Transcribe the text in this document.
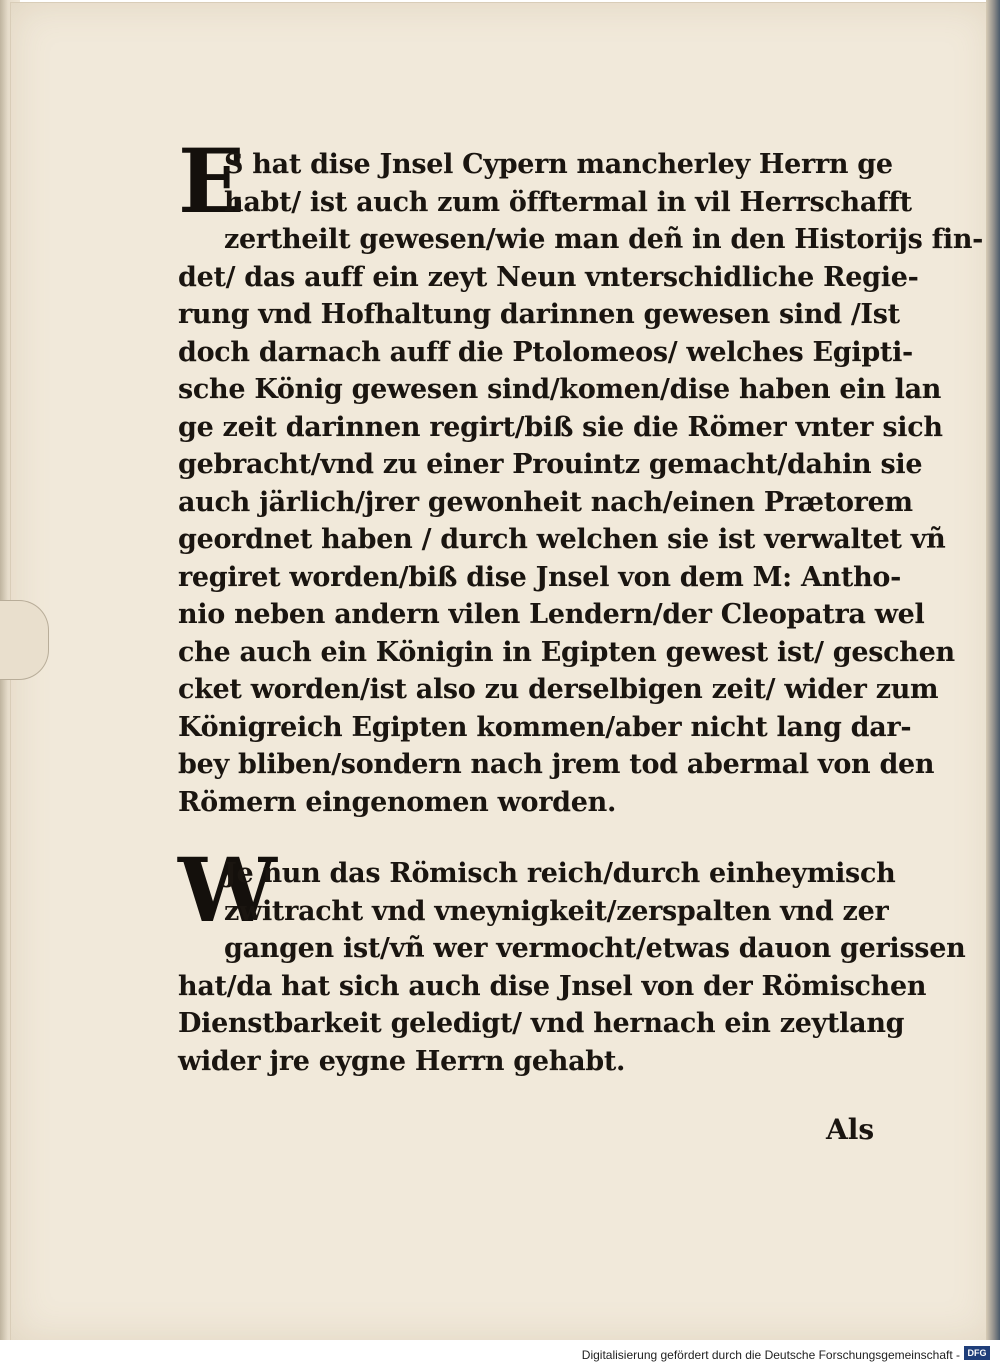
E
S hat dise Jnsel Cypern mancherley Herrn ge
habt/ ist auch zum öfftermal in vil Herrschafft
zertheilt gewesen/wie man deñ in den Historijs fin-
det/ das auff ein zeyt Neun vnterschidliche Regie-
rung vnd Hofhaltung darinnen gewesen sind /Ist
doch darnach auff die Ptolomeos/ welches Egipti-
sche König gewesen sind/komen/dise haben ein lan
ge zeit darinnen regirt/biß sie die Römer vnter sich
gebracht/vnd zu einer Prouintz gemacht/dahin sie
auch järlich/jrer gewonheit nach/einen Prætorem
geordnet haben / durch welchen sie ist verwaltet vñ
regiret worden/biß dise Jnsel von dem M: Antho-
nio neben andern vilen Lendern/der Cleopatra wel
che auch ein Königin in Egipten gewest ist/ geschen
cket worden/ist also zu derselbigen zeit/ wider zum
Königreich Egipten kommen/aber nicht lang dar-
bey bliben/sondern nach jrem tod abermal von den
Römern eingenomen worden.
W
Je nun das Römisch reich/durch einheymisch
zwitracht vnd vneynigkeit/zerspalten vnd zer
gangen ist/vñ wer vermocht/etwas dauon gerissen
hat/da hat sich auch dise Jnsel von der Römischen
Dienstbarkeit geledigt/ vnd hernach ein zeytlang
wider jre eygne Herrn gehabt.
Als
Digitalisierung gefördert durch die Deutsche Forschungsgemeinschaft - DFG
